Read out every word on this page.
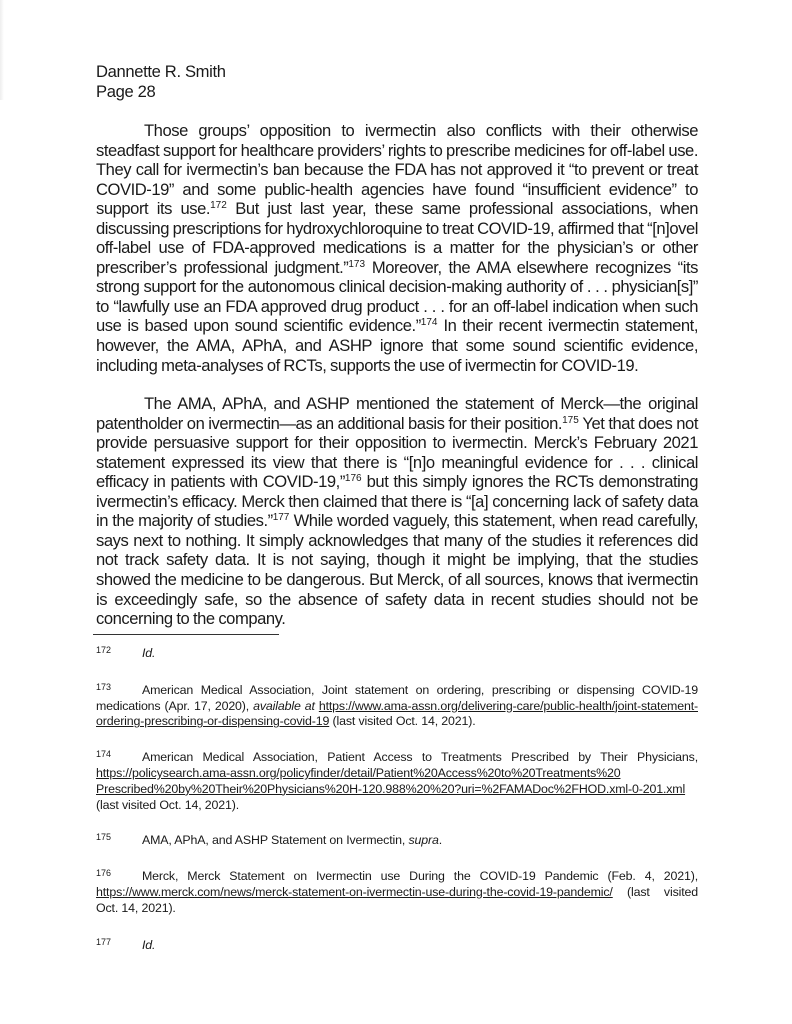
Dannette R. Smith
Page 28

Those groups’ opposition to ivermectin also conflicts with their otherwise steadfast support for healthcare providers’ rights to prescribe medicines for off-label use. They call for ivermectin’s ban because the FDA has not approved it “to prevent or treat COVID-19” and some public-health agencies have found “insufficient evidence” to support its use.$^{172}$ But just last year, these same professional associations, when discussing prescriptions for hydroxychloroquine to treat COVID-19, affirmed that “[n]ovel off-label use of FDA-approved medications is a matter for the physician’s or other prescriber’s professional judgment.”$^{173}$ Moreover, the AMA elsewhere recognizes “its strong support for the autonomous clinical decision-making authority of . . . physician[s]” to “lawfully use an FDA approved drug product . . . for an off-label indication when such use is based upon sound scientific evidence.”$^{174}$ In their recent ivermectin statement, however, the AMA, APhA, and ASHP ignore that some sound scientific evidence, including meta-analyses of RCTs, supports the use of ivermectin for COVID-19.

The AMA, APhA, and ASHP mentioned the statement of Merck—the original patentholder on ivermectin—as an additional basis for their position.$^{175}$ Yet that does not provide persuasive support for their opposition to ivermectin. Merck’s February 2021 statement expressed its view that there is “[n]o meaningful evidence for . . . clinical efficacy in patients with COVID-19,”$^{176}$ but this simply ignores the RCTs demonstrating ivermectin’s efficacy. Merck then claimed that there is “[a] concerning lack of safety data in the majority of studies.”$^{177}$ While worded vaguely, this statement, when read carefully, says next to nothing. It simply acknowledges that many of the studies it references did not track safety data. It is not saying, though it might be implying, that the studies showed the medicine to be dangerous. But Merck, of all sources, knows that ivermectin is exceedingly safe, so the absence of safety data in recent studies should not be concerning to the company.

172 Id.

173 American Medical Association, Joint statement on ordering, prescribing or dispensing COVID-19 medications (Apr. 17, 2020), available at https://www.ama-assn.org/delivering-care/public-health/joint-statement-ordering-prescribing-or-dispensing-covid-19 (last visited Oct. 14, 2021).

174 American Medical Association, Patient Access to Treatments Prescribed by Their Physicians, https://policysearch.ama-assn.org/policyfinder/detail/Patient%20Access%20to%20Treatments%20 Prescribed%20by%20Their%20Physicians%20H-120.988%20%20?uri=%2FAMADoc%2FHOD.xml-0-201.xml (last visited Oct. 14, 2021).

175 AMA, APhA, and ASHP Statement on Ivermectin, supra.

176 Merck, Merck Statement on Ivermectin use During the COVID-19 Pandemic (Feb. 4, 2021), https://www.merck.com/news/merck-statement-on-ivermectin-use-during-the-covid-19-pandemic/ (last visited Oct. 14, 2021).

177 Id.
